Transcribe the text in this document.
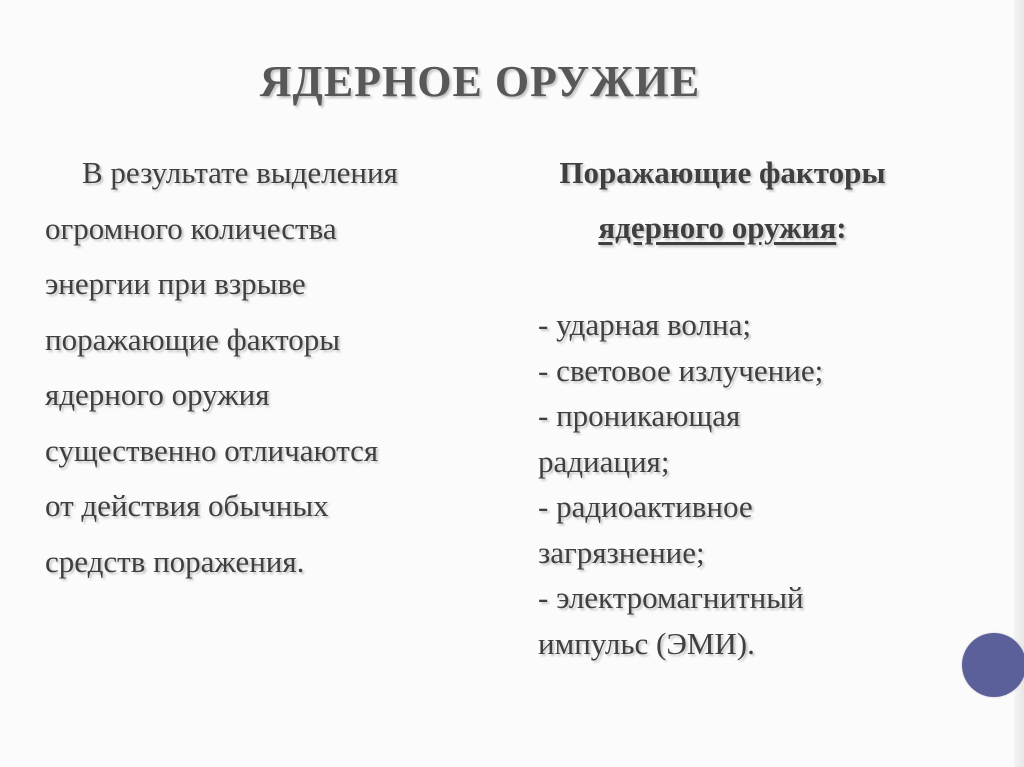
ЯДЕРНОЕ ОРУЖИЕ
В результате выделения
огромного количества
энергии при взрыве
поражающие факторы
ядерного оружия
существенно отличаются
от действия обычных
средств поражения.
Поражающие факторы
ядерного оружия:
- ударная волна;
- световое излучение;
- проникающая
радиация;
- радиоактивное
загрязнение;
- электромагнитный
импульс (ЭМИ).
